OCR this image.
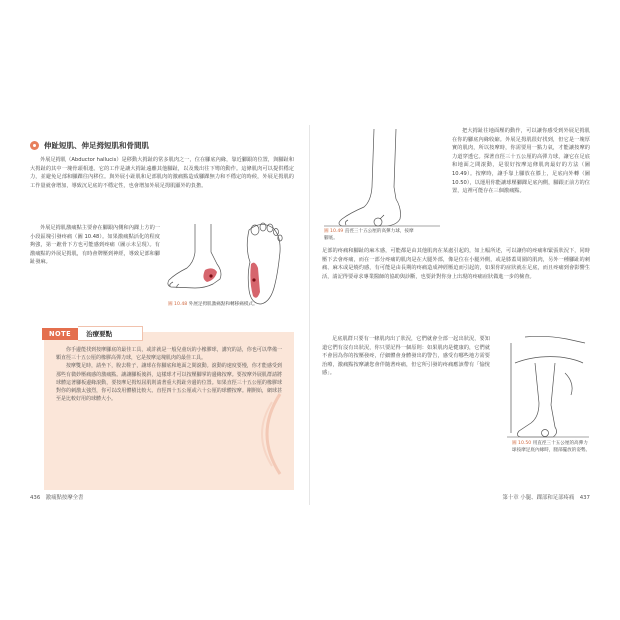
伸趾短肌、伸足拇短肌和骨間肌
外展足拇肌（Abductor hallucis）是移動大拇趾的常多肌肉之一，位在腳底內緣，靠近腳跟的位置，與腳趾和大拇趾的其中一塊骨頭相連。它的工作是讓大拇趾遠離其他腳趾，以及幾出往下彎的動作。這條肌肉可以提供穩定力，並避免足部和腳踝往內移位。與外展小趾肌和足部肌肉的激痛點造成腳踝無力和不穩定的時候，外展足拇肌的工作量就會增加，導致沉足底的不穩定性，也會增加外展足拇肌顯外的負擔。
外展足拇肌激痛點主要會在腳跟內側和內踝上方的一小段區塊引發疼痛（圖 10.48）。如果激痛點活化的程度夠強，第一蹠骨下方也可能感到疼痛（圖示未呈現）。有激痛點的外展足拇肌，有時會牌壓到神經，導致足部和腳趾發麻。
圖 10.48 外展足拇肌激痛點和轉移痛模式。
NOTE	治療要點

你手邊能找到按摩腳底的最佳工具，或許就是一般兒童玩的小橡膠球，講究的話，你也可以準備一顆直徑三十五公厘的橡膠高彈力球，它是按摩這塊肌肉的最佳工具。

按摩雙足時，請坐下，脫去鞋子，讓球在你腳底和地面之間滾動。滾動的速度要慢，你才能感受到那些有微妙壓痛感的激痛點。讓讓腳板後斜，這樣球才可以按壓腳掌的邊緣按摩。要按摩外展肌群請將球體這著腳板邊緣滾動，要按摩足拇短屈肌則請著重大拇趾旁邊的位置。如果直徑三十五公厘的橡膠球對你的刺激太強烈，你可以改用體積比較大、直徑四十五公厘或六十公厘的球體按摩。剛開始，網球甚至是比較好用的球體大小。

436　激痛點按摩全書
圖 10.49 直徑三十五公厘的高彈力球，按摩腳底。
把大拇趾往地面壓的動作，可以讓你感受到外展足拇肌在你的腳底內緣收縮。外展足拇肌很好找到，但它是一塊厚實的肌肉，所以按摩時，你需要用一點力氣，才能讓按摩的力道穿透它。探著直徑三十五公厘的高彈力球，讓它在足底和地面之間滾動，是很好按摩這條肌肉最好的方法（圖 10.49）。按摩時，讓手靠上腳放在膝上，足底向外轉（圖 10.50），以運用你能讓球壓腳踝足底內側，腳跟正前方的位置，這裡可能存在三個激痛點。
足部的疼痛和腳趾的麻木感，可能都是由其他肌肉在某處引起的，如上幅所述，可以讓你的疼痛和緊張狀況下，同時壓下去會疼痛，而在一部分疼痛的肌肉是在大腿外部，像是位在小腿外側，或是膝蓋周圍的肌肉，另外一種腳趾的刺痛、麻木或是燒灼感，有可能是由長期的疼痛造成神經壓迫而引起的，如果你的症狀就在足底，而且疼痛到會影響生活，請記得要尋求專業醫師的協助與診斷，也要針對你身上出現的疼痛症狀做進一步的檢查。
足底肌群只要有一條肌肉出了狀況，它們就會全部一起出狀況，要知道它們有沒有出狀況，你只要記得一個原則：如果肌肉是健康的，它們就不會因為你的按壓發疼，仔細體會身體發出的警告，感受有哪些地方需要治療，激痛點按摩讓您會伴隨著疼痛，但它所引發的疼痛應該帶有「愉悅感」。
圖 10.50 用直徑三十五公厘的高彈力球按摩足底內緣時，腿部擺放的姿勢。
第十章 小腿、踝部和足部疼痛　437
